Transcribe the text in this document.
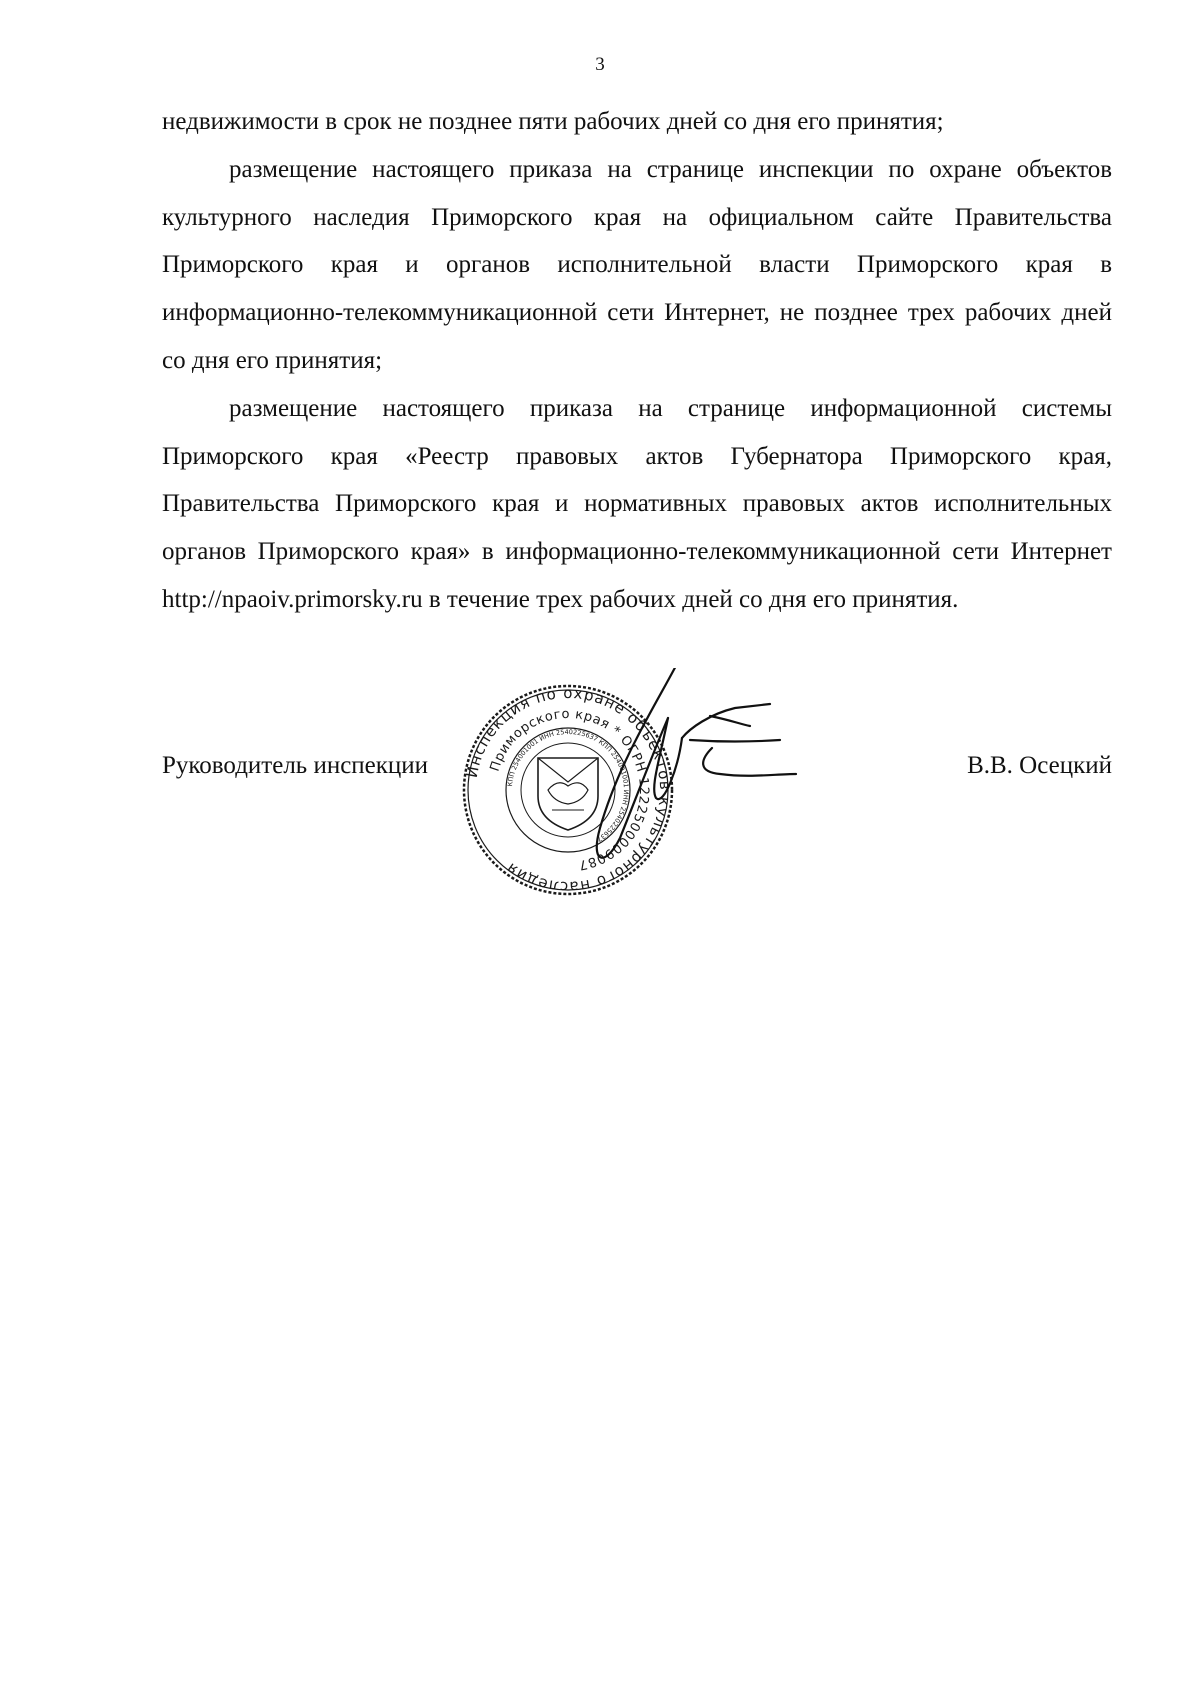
3

недвижимости в срок не позднее пяти рабочих дней со дня его принятия;

размещение настоящего приказа на странице инспекции по охране объектов культурного наследия Приморского края на официальном сайте Правительства Приморского края и органов исполнительной власти Приморского края в информационно-телекоммуникационной сети Интернет, не позднее трех рабочих дней со дня его принятия;

размещение настоящего приказа на странице информационной системы Приморского края «Реестр правовых актов Губернатора Приморского края, Правительства Приморского края и нормативных правовых актов исполнительных органов Приморского края» в информационно-телекоммуникационной сети Интернет http://npaoiv.primorsky.ru в течение трех рабочих дней со дня его принятия.

Руководитель инспекции	В.В. Осецкий
Инспекция по охране объектов культурного наследия
Приморского края * ОГРН 1222500009087
КПП 254001001 ИНН 2540225637 КПП 254001001 ИНН 2540225637
